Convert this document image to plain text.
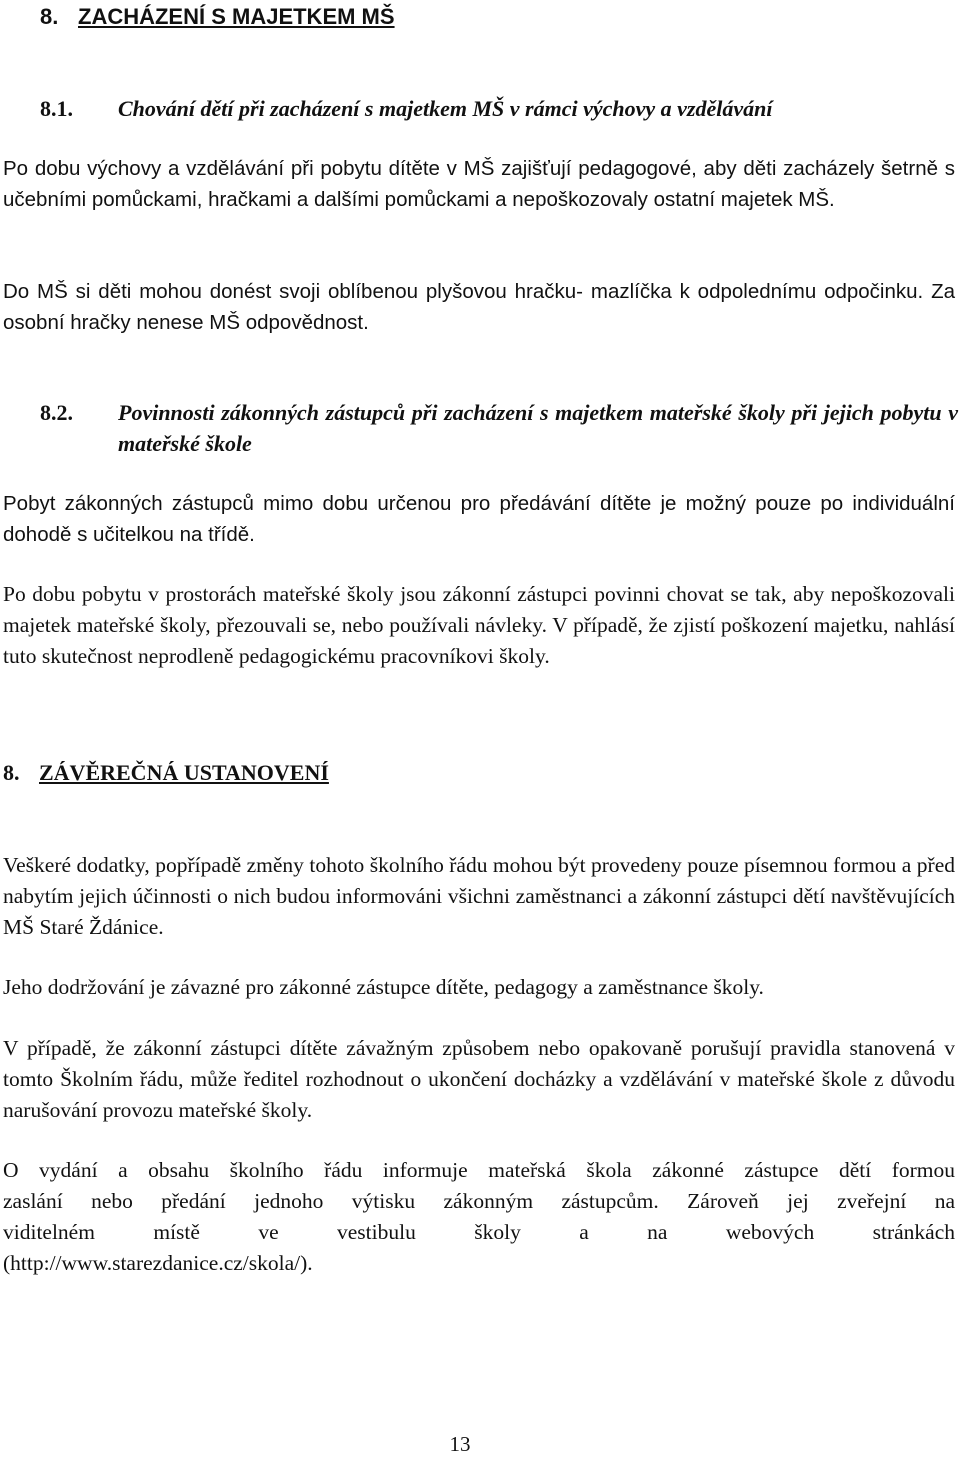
8. ZACHÁZENÍ S MAJETKEM MŠ
8.1. Chování dětí při zacházení s majetkem MŠ v rámci výchovy a vzdělávání

Po dobu výchovy a vzdělávání při pobytu dítěte v MŠ zajišťují pedagogové, aby děti zacházely šetrně s učebními pomůckami, hračkami a dalšími pomůckami a nepoškozovaly ostatní majetek MŠ.

Do MŠ si děti mohou donést svoji oblíbenou plyšovou hračku- mazlíčka k odpolednímu odpočinku. Za osobní hračky nenese MŠ odpovědnost.

8.2. Povinnosti zákonných zástupců při zacházení s majetkem mateřské školy při jejich pobytu v mateřské škole

Pobyt zákonných zástupců mimo dobu určenou pro předávání dítěte je možný pouze po individuální dohodě s učitelkou na třídě.

Po dobu pobytu v prostorách mateřské školy jsou zákonní zástupci povinni chovat se tak, aby nepoškozovali majetek mateřské školy, přezouvali se, nebo používali návleky. V případě, že zjistí poškození majetku, nahlásí tuto skutečnost neprodleně pedagogickému pracovníkovi školy.

8. ZÁVĚREČNÁ USTANOVENÍ

Veškeré dodatky, popřípadě změny tohoto školního řádu mohou být provedeny pouze písemnou formou a před nabytím jejich účinnosti o nich budou informováni všichni zaměstnanci a zákonní zástupci dětí navštěvujících MŠ Staré Ždánice.

Jeho dodržování je závazné pro zákonné zástupce dítěte, pedagogy a zaměstnance školy.

V případě, že zákonní zástupci dítěte závažným způsobem nebo opakovaně porušují pravidla stanovená v tomto Školním řádu, může ředitel rozhodnout o ukončení docházky a vzdělávání v mateřské škole z důvodu narušování provozu mateřské školy.

O vydání a obsahu školního řádu informuje mateřská škola zákonné zástupce dětí formou
zaslání nebo předání jednoho výtisku zákonným zástupcům. Zároveň jej zveřejní na
viditelném místě ve vestibulu školy a na webových stránkách
(http://www.starezdanice.cz/skola/).
13
